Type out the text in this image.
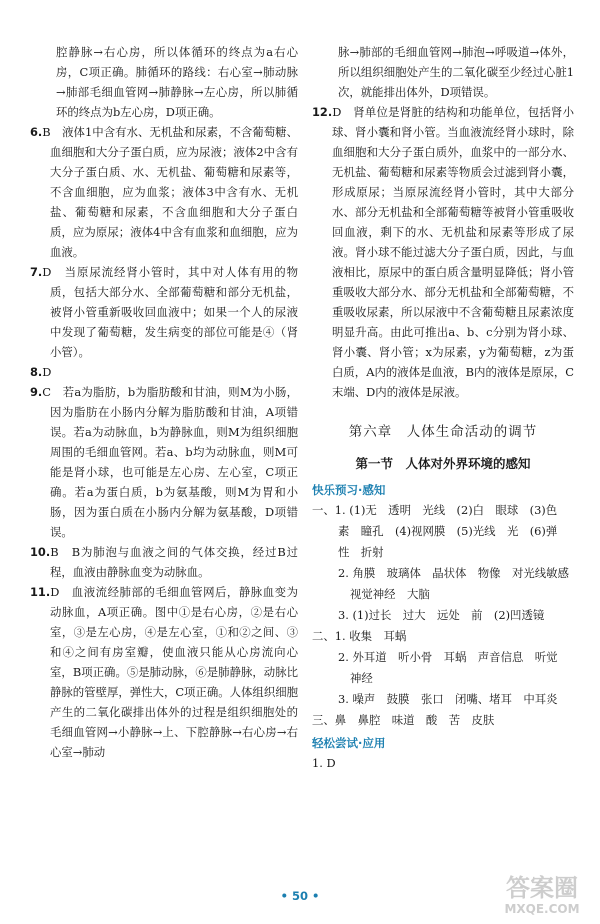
腔静脉→右心房，所以体循环的终点为a右心房，C项正确。肺循环的路线：右心室→肺动脉→肺部毛细血管网→肺静脉→左心房，所以肺循环的终点为b左心房，D项正确。
6.B　液体1中含有水、无机盐和尿素，不含葡萄糖、血细胞和大分子蛋白质，应为尿液；液体2中含有大分子蛋白质、水、无机盐、葡萄糖和尿素等，不含血细胞，应为血浆；液体3中含有水、无机盐、葡萄糖和尿素，不含血细胞和大分子蛋白质，应为原尿；液体4中含有血浆和血细胞，应为血液。
7.D　当原尿流经肾小管时，其中对人体有用的物质，包括大部分水、全部葡萄糖和部分无机盐，被肾小管重新吸收回血液中；如果一个人的尿液中发现了葡萄糖，发生病变的部位可能是④（肾小管）。
8.D
9.C　若a为脂肪，b为脂肪酸和甘油，则M为小肠，因为脂肪在小肠内分解为脂肪酸和甘油，A项错误。若a为动脉血，b为静脉血，则M为组织细胞周围的毛细血管网。若a、b均为动脉血，则M可能是肾小球，也可能是左心房、左心室，C项正确。若a为蛋白质，b为氨基酸，则M为胃和小肠，因为蛋白质在小肠内分解为氨基酸，D项错误。
10.B　B为肺泡与血液之间的气体交换，经过B过程，血液由静脉血变为动脉血。
11.D　血液流经肺部的毛细血管网后，静脉血变为动脉血，A项正确。图中①是右心房，②是右心室，③是左心房，④是左心室，①和②之间、③和④之间有房室瓣，使血液只能从心房流向心室，B项正确。⑤是肺动脉，⑥是肺静脉，动脉比静脉的管壁厚，弹性大，C项正确。人体组织细胞产生的二氧化碳排出体外的过程是组织细胞处的毛细血管网→小静脉→上、下腔静脉→右心房→右心室→肺动
脉→肺部的毛细血管网→肺泡→呼吸道→体外，所以组织细胞处产生的二氧化碳至少经过心脏1次，就能排出体外，D项错误。
12.D　肾单位是肾脏的结构和功能单位，包括肾小球、肾小囊和肾小管。当血液流经肾小球时，除血细胞和大分子蛋白质外，血浆中的一部分水、无机盐、葡萄糖和尿素等物质会过滤到肾小囊，形成原尿；当原尿流经肾小管时，其中大部分水、部分无机盐和全部葡萄糖等被肾小管重吸收回血液，剩下的水、无机盐和尿素等形成了尿液。肾小球不能过滤大分子蛋白质，因此，与血液相比，原尿中的蛋白质含量明显降低；肾小管重吸收大部分水、部分无机盐和全部葡萄糖，不重吸收尿素，所以尿液中不含葡萄糖且尿素浓度明显升高。由此可推出a、b、c分别为肾小球、肾小囊、肾小管；x为尿素，y为葡萄糖，z为蛋白质，A内的液体是血液，B内的液体是原尿，C末端、D内的液体是尿液。
第六章　人体生命活动的调节
第一节　人体对外界环境的感知
快乐预习·感知
一、1. (1)无　透明　光线　(2)白　眼球　(3)色
素　瞳孔　(4)视网膜　(5)光线　光　(6)弹
性　折射
2. 角膜　玻璃体　晶状体　物像　对光线敏感
视觉神经　大脑
3. (1)过长　过大　远处　前　(2)凹透镜
二、1. 收集　耳蜗
2. 外耳道　听小骨　耳蜗　声音信息　听觉
神经
3. 噪声　鼓膜　张口　闭嘴、堵耳　中耳炎
三、鼻　鼻腔　味道　酸　苦　皮肤
轻松尝试·应用
1. D
• 50 •	答案圈
MXQE.COM
